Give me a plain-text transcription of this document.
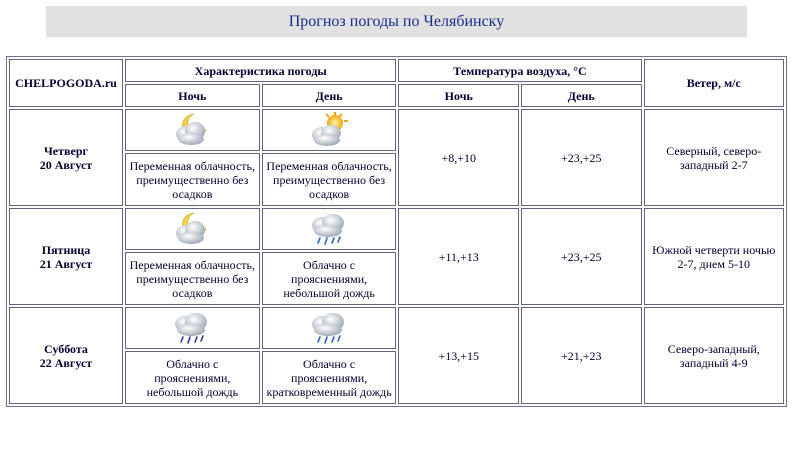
Прогноз погоды по Челябинску
CHELPOGODA.ru	Характеристика погоды		Температура воздуха, °С		Ветер, м/с
	Ночь	День	Ночь	День	
Четверг
20 Август			+8,+10	+23,+25	Северный, северо-западный 2-7
	Переменная облачность, преимущественно без осадков	Переменная облачность, преимущественно без осадков			
Пятница
21 Август			+11,+13	+23,+25	Южной четверти ночью 2-7, днем 5-10
	Переменная облачность, преимущественно без осадков	Облачно с прояснениями, небольшой дождь			
Суббота
22 Август			+13,+15	+21,+23	Северо-западный, западный 4-9
	Облачно с прояснениями, небольшой дождь	Облачно с прояснениями, кратковременный дождь			
